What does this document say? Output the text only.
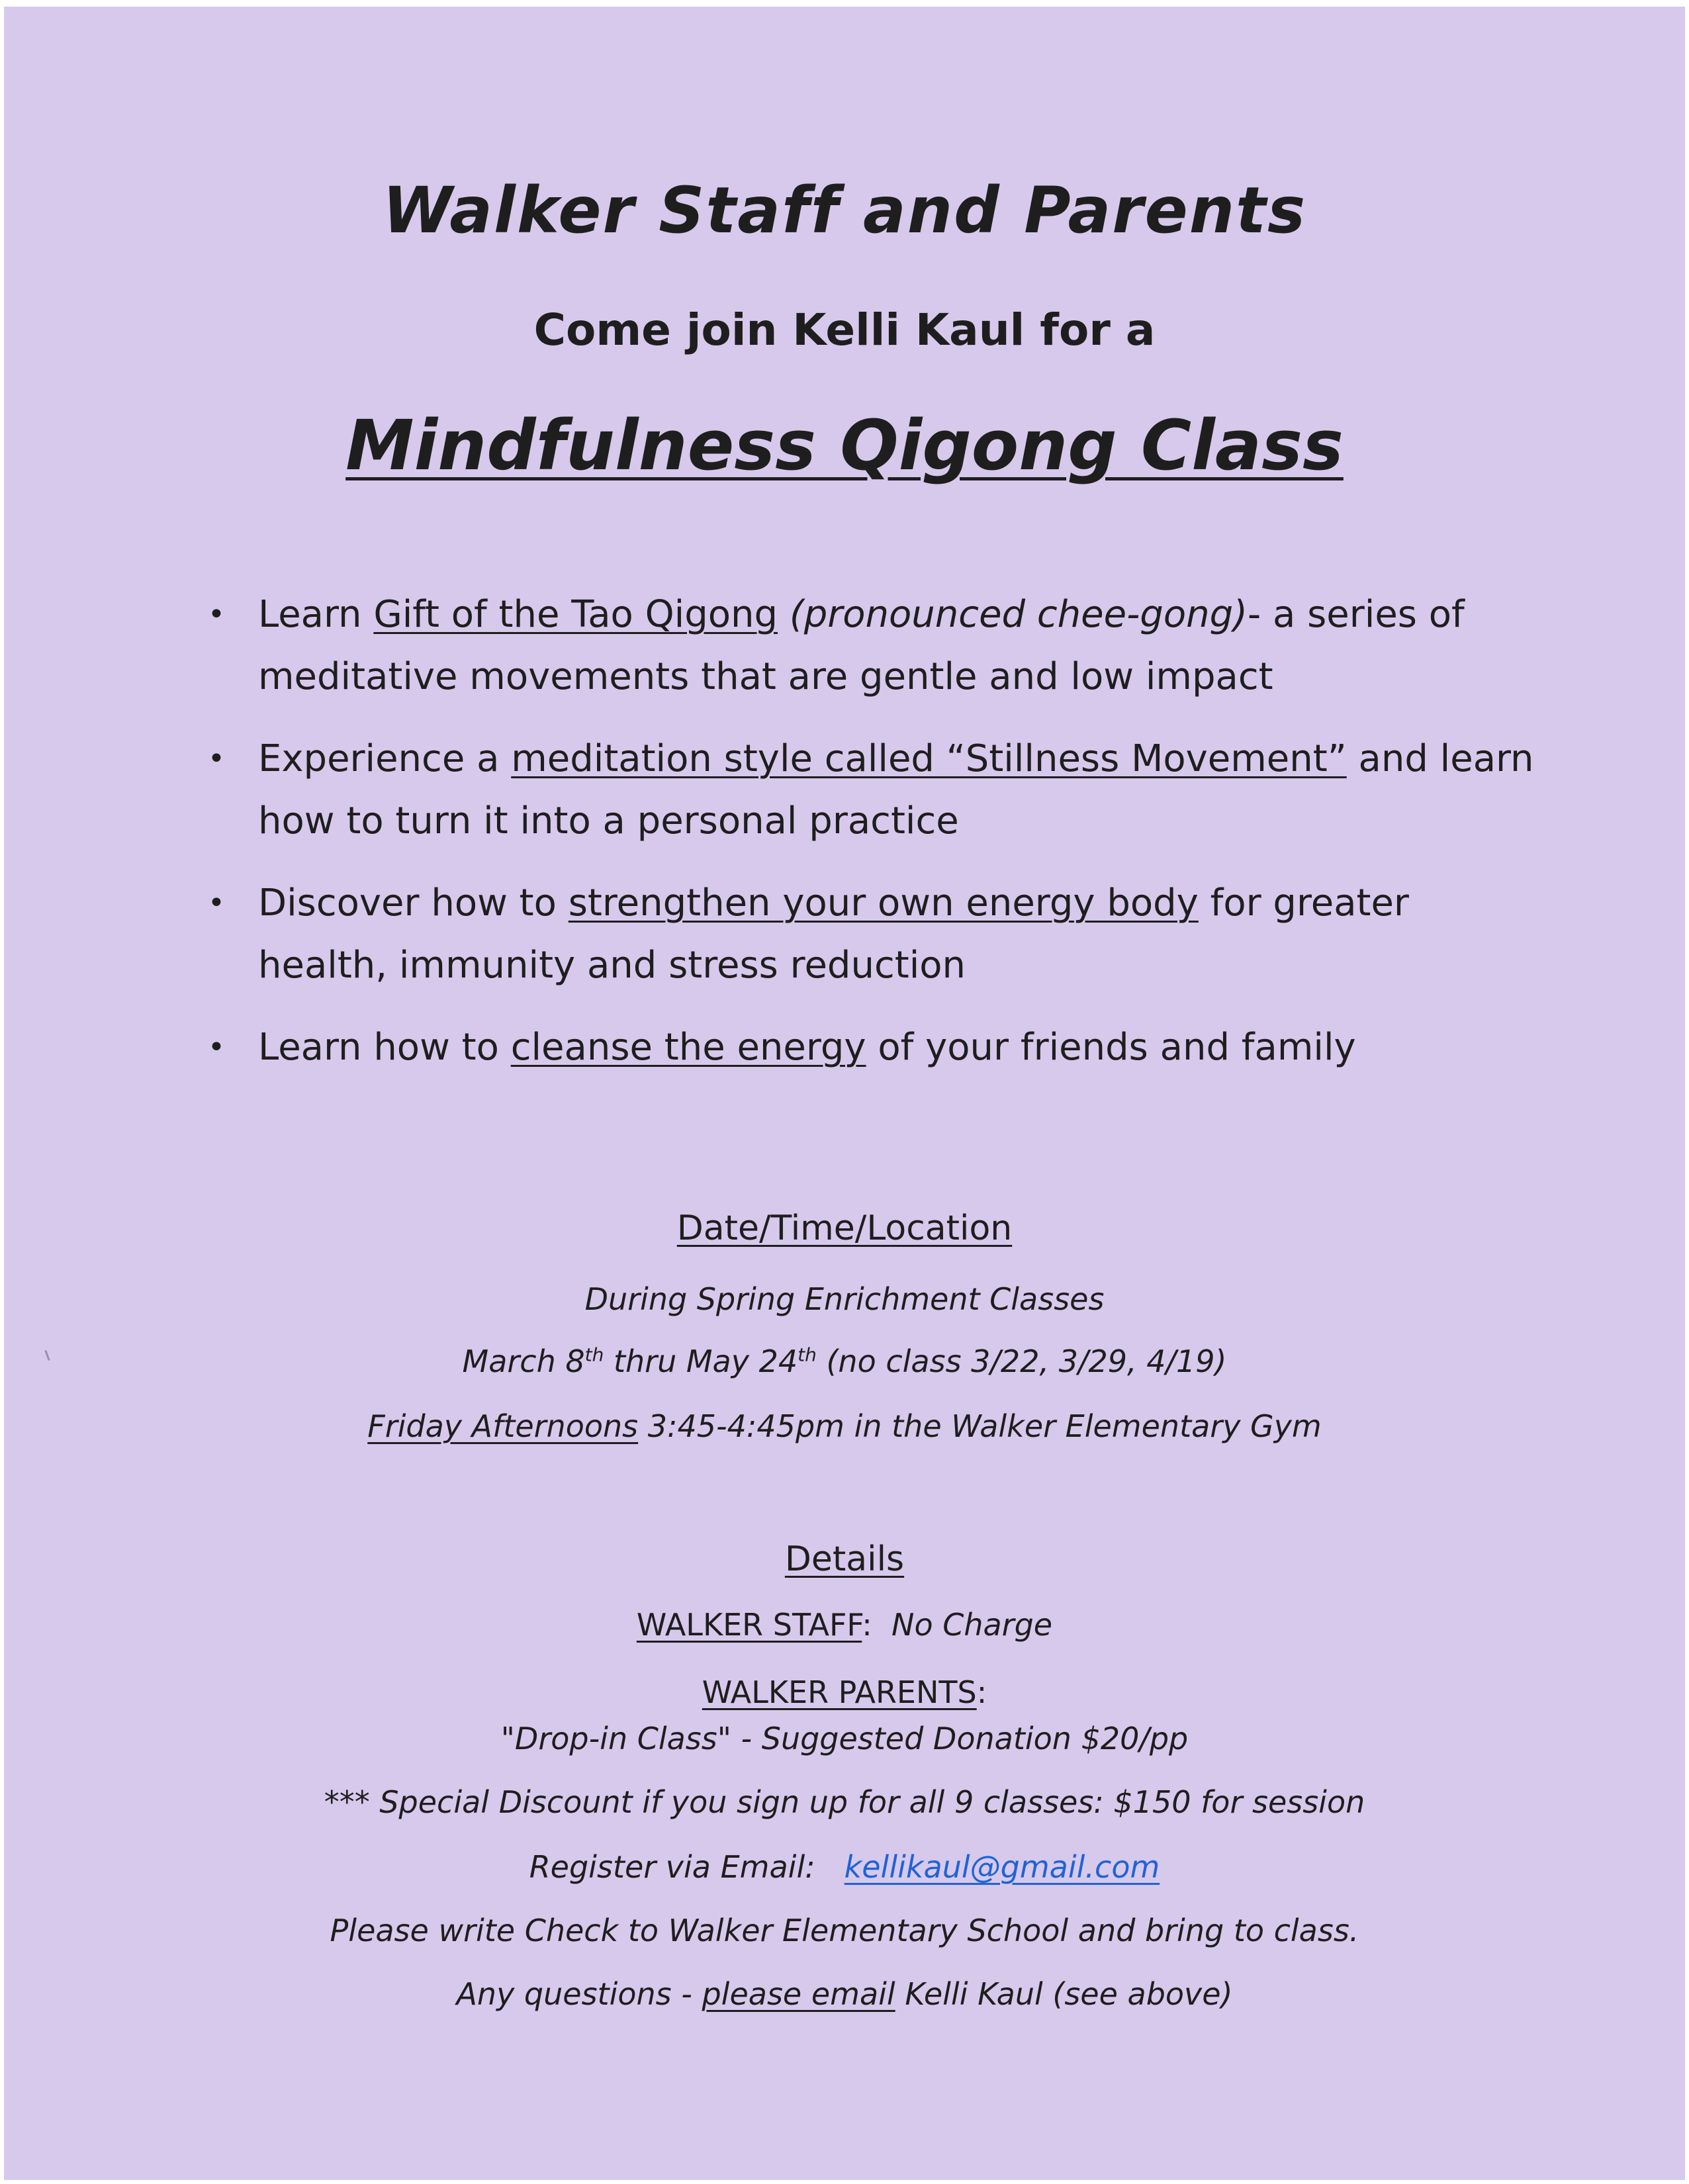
Walker Staff and Parents
Come join Kelli Kaul for a
Mindfulness Qigong Class
• Learn Gift of the Tao Qigong (pronounced chee-gong)- a series of meditative movements that are gentle and low impact
• Experience a meditation style called “Stillness Movement” and learn how to turn it into a personal practice
• Discover how to strengthen your own energy body for greater health, immunity and stress reduction
• Learn how to cleanse the energy of your friends and family
Date/Time/Location
During Spring Enrichment Classes
March 8th thru May 24th (no class 3/22, 3/29, 4/19)
Friday Afternoons 3:45-4:45pm in the Walker Elementary Gym
Details
WALKER STAFF: No Charge
WALKER PARENTS:
"Drop-in Class" - Suggested Donation $20/pp
*** Special Discount if you sign up for all 9 classes: $150 for session
Register via Email: kellikaul@gmail.com
Please write Check to Walker Elementary School and bring to class.
Any questions - please email Kelli Kaul (see above)
